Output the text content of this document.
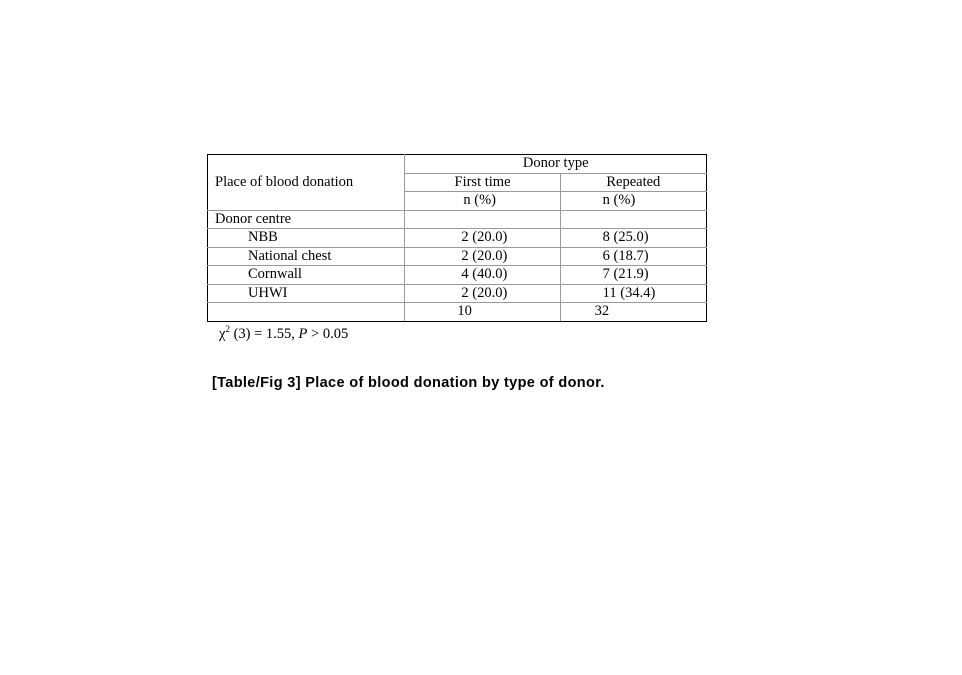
Place of blood donation	Donor type	
	First time	Repeated
	n (%)	n (%)
Donor centre		
NBB	2 (20.0)	8 (25.0)
National chest	2 (20.0)	6 (18.7)
Cornwall	4 (40.0)	7 (21.9)
UHWI	2 (20.0)	11 (34.4)
	10	32
$\chi^2$ (3) = 1.55, P > 0.05
[Table/Fig 3] Place of blood donation by type of donor.
